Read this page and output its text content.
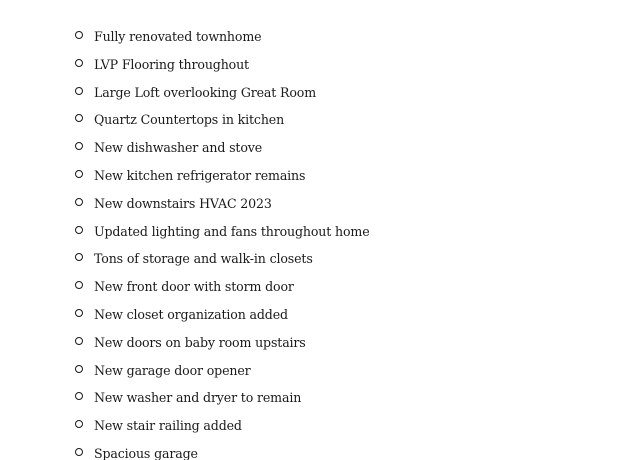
Fully renovated townhome
LVP Flooring throughout
Large Loft overlooking Great Room
Quartz Countertops in kitchen
New dishwasher and stove
New kitchen refrigerator remains
New downstairs HVAC 2023
Updated lighting and fans throughout home
Tons of storage and walk-in closets
New front door with storm door
New closet organization added
New doors on baby room upstairs
New garage door opener
New washer and dryer to remain
New stair railing added
Spacious garage
